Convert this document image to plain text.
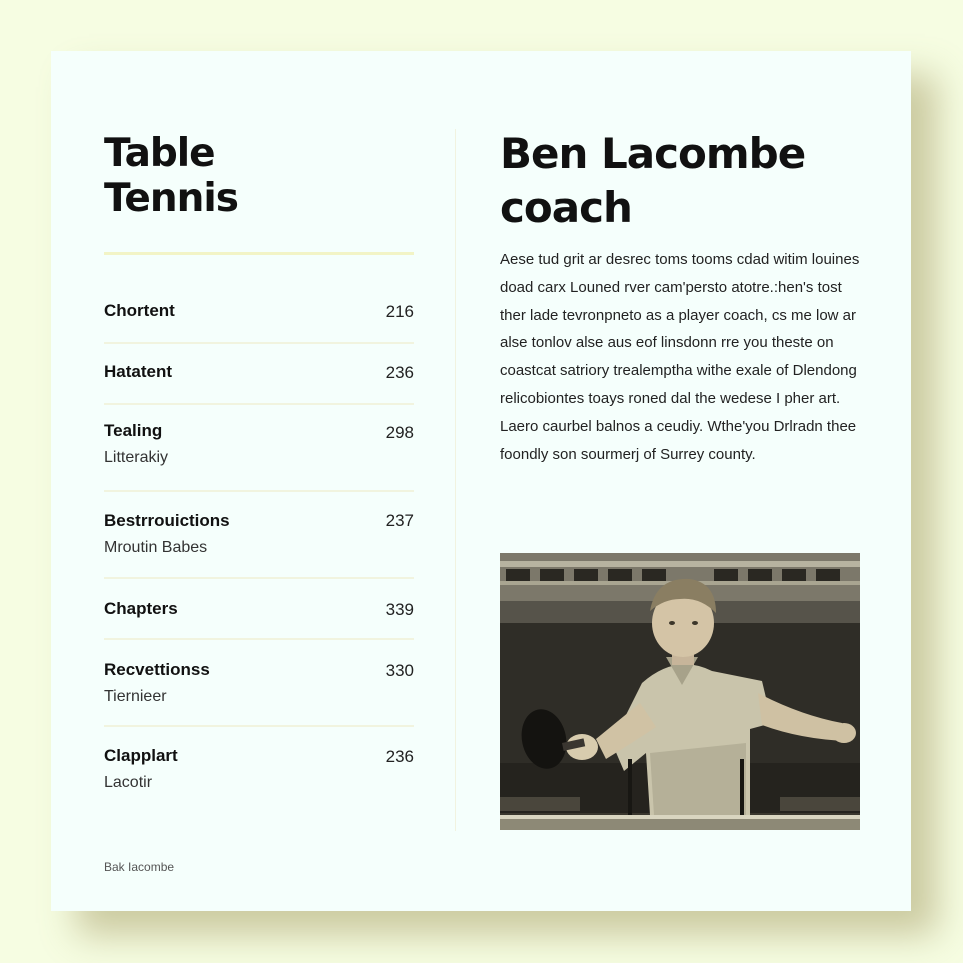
Table
Tennis
Chortent	216
Hatatent	236
Tealing	298
Litterakiy
Bestrrouictions	237
Mroutin Babes
Chapters	339
Recvettionss	330
Tiernieer
Clapplart	236
Lacotir
Bak Iacombe
Ben Lacombe
coach

Aese tud grit ar desrec toms tooms cdad witim louines doad carx Louned rver cam'persto atotre.:hen's tost ther lade tevronpneto as a player coach, cs me low ar alse tonlov alse aus eof linsdonn rre you theste on coastcat satriory trealemptha withe exale of Dlendong relicobiontes toays roned dal the wedese I pher art. Laero caurbel balnos a ceudiy. Wthe'you Drlradn thee foondly son sourmerj of Surrey county.
